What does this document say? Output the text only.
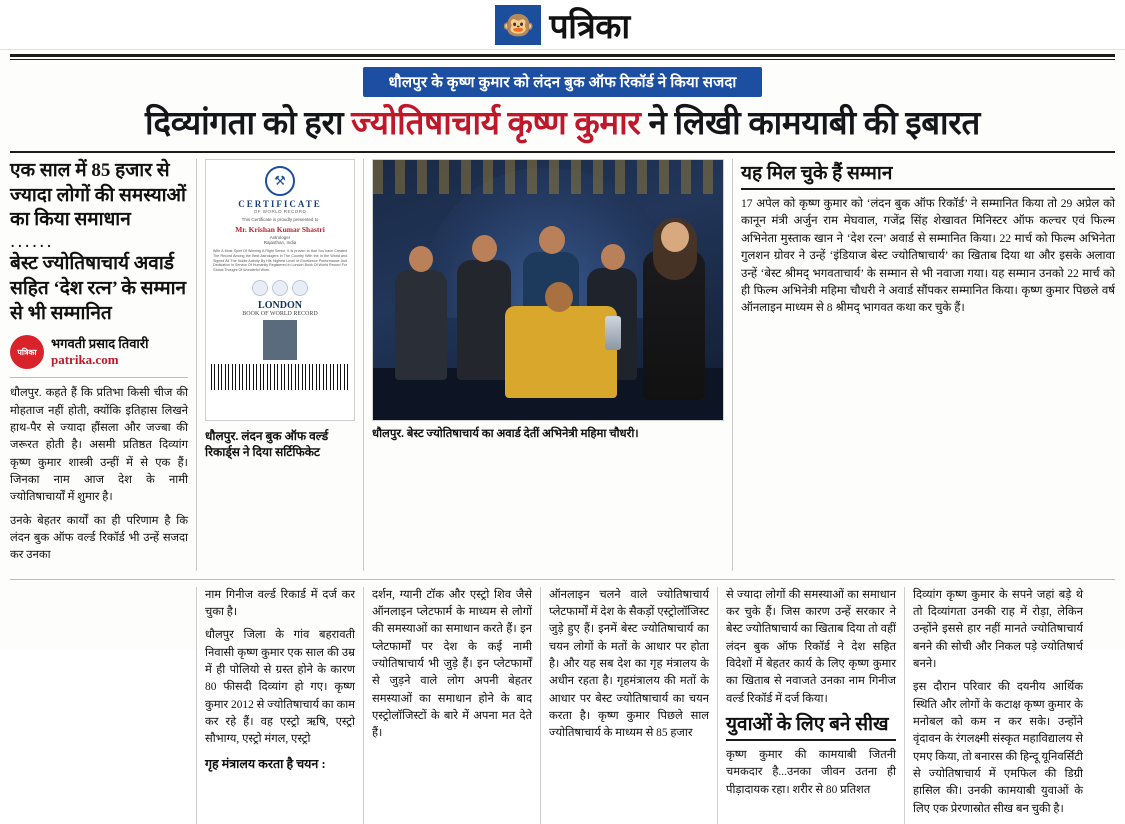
🐵 पत्रिका
धौलपुर के कृष्ण कुमार को लंदन बुक ऑफ रिकॉर्ड ने किया सजदा
दिव्यांगता को हरा ज्योतिषाचार्य कृष्ण कुमार ने लिखी कामयाबी की इबारत
एक साल में 85 हजार से ज्यादा लोगों की समस्याओं का किया समाधान
......
बेस्ट ज्योतिषाचार्य अवार्ड सहित ‘देश रत्न’ के सम्मान से भी सम्मानित
पत्रिका
भगवती प्रसाद तिवारी
patrika.com

धौलपुर. कहते हैं कि प्रतिभा किसी चीज की मोहताज नहीं होती, क्योंकि इतिहास लिखने हाथ-पैर से ज्यादा हौंसला और जज्बा की जरूरत होती है। असमी प्रतिष्ठत दिव्यांग कृष्ण कुमार शास्त्री उन्हीं में से एक हैं। जिनका नाम आज देश के नामी ज्योतिषाचार्यों में शुमार है।

उनके बेहतर कार्यों का ही परिणाम है कि लंदन बुक ऑफ वर्ल्ड रिकॉर्ड भी उन्हें सजदा कर उनका

⚒
CERTIFICATE
OF WORLD RECORD
This Certificate is proudly presented to
Mr. Krishan Kumar Shastri
Astrologer
Rajasthan, India
With A Most Spirit Of Winning A Right Senior, It is proven to that You have Created The Record Among the Best Astrologers in The Country With the In the World and Signed All The Noble Activity By His Highest Level of Excellence Performance And Dedication In Service Of Humanity Registered In London Book Of World Record For Global Thought Of Wonderful Work.
LONDON
BOOK OF WORLD RECORD
धौलपुर. लंदन बुक ऑफ वर्ल्ड रिकार्ड्स ने दिया सर्टिफिकेट
धौलपुर. बेस्ट ज्योतिषाचार्य का अवार्ड देतीं अभिनेत्री महिमा चौधरी।
यह मिल चुके हैं सम्मान
17 अपेल को कृष्ण कुमार को ‘लंदन बुक ऑफ रिकॉर्ड’ ने सम्मानित किया तो 29 अप्रेल को कानून मंत्री अर्जुन राम मेघवाल, गजेंद्र सिंह शेखावत मिनिस्टर ऑफ कल्चर एवं फिल्म अभिनेता मुस्ताक खान ने ‘देश रत्न’ अवार्ड से सम्मानित किया। 22 मार्च को फिल्म अभिनेता गुलशन ग्रोवर ने उन्हें ‘इंडियाज बेस्ट ज्योतिषाचार्य’ का खिताब दिया था और इसके अलावा उन्हें ‘बेस्ट श्रीमद् भगवताचार्य’ के सम्मान से भी नवाजा गया। यह सम्मान उनको 22 मार्च को ही फिल्म अभिनेत्री महिमा चौधरी ने अवार्ड सौंपकर सम्मानित किया। कृष्ण कुमार पिछले वर्ष ऑनलाइन माध्यम से 8 श्रीमद् भागवत कथा कर चुके हैं।

नाम गिनीज वर्ल्ड रिकार्ड में दर्ज कर चुका है।

धौलपुर जिला के गांव बहरावती निवासी कृष्ण कुमार एक साल की उम्र में ही पोलियो से ग्रस्त होने के कारण 80 फीसदी दिव्यांग हो गए। कृष्ण कुमार 2012 से ज्योतिषाचार्य का काम कर रहे हैं। वह एस्ट्रो ऋषि, एस्ट्रो सौभाग्य, एस्ट्रो मंगल, एस्ट्रो

गृह मंत्रालय करता है चयन :

दर्शन, ग्यानी टॉक और एस्ट्रो शिव जैसे ऑनलाइन प्लेटफार्म के माध्यम से लोगों की समस्याओं का समाधान करते हैं। इन प्लेटफार्मों पर देश के कई नामी ज्योतिषाचार्य भी जुड़े हैं। इन प्लेटफार्मों से जुड़ने वाले लोग अपनी बेहतर समस्याओं का समाधान होने के बाद एस्ट्रोलॉजिस्टों के बारे में अपना मत देते हैं।

ऑनलाइन चलने वाले ज्योतिषाचार्य प्लेटफार्मों में देश के सैकड़ों एस्ट्रोलॉजिस्ट जुड़े हुए हैं। इनमें बेस्ट ज्योतिषाचार्य का चयन लोगों के मतों के आधार पर होता है। और यह सब देश का गृह मंत्रालय के अधीन रहता है। गृहमंत्रालय की मतों के आधार पर बेस्ट ज्योतिषाचार्य का चयन करता है। कृष्ण कुमार पिछले साल ज्योतिषाचार्य के माध्यम से 85 हजार

से ज्यादा लोगों की समस्याओं का समाधान कर चुके हैं। जिस कारण उन्हें सरकार ने बेस्ट ज्योतिषाचार्य का खिताब दिया तो वहीं लंदन बुक ऑफ रिकॉर्ड ने देश सहित विदेशों में बेहतर कार्य के लिए कृष्ण कुमार का खिताब से नवाजते उनका नाम गिनीज वर्ल्ड रिकॉर्ड में दर्ज किया।

युवाओं के लिए बने सीख

कृष्ण कुमार की कामयाबी जितनी चमकदार है...उनका जीवन उतना ही पीड़ादायक रहा। शरीर से 80 प्रतिशत

दिव्यांग कृष्ण कुमार के सपने जहां बड़े थे तो दिव्यांगता उनकी राह में रोड़ा, लेकिन उन्होंने इससे हार नहीं मानते ज्योतिषाचार्य बनने की सोची और निकल पड़े ज्योतिषार्च बनने।

इस दौरान परिवार की दयनीय आर्थिक स्थिति और लोगों के कटाक्ष कृष्ण कुमार के मनोबल को कम न कर सके। उन्होंने वृंदावन के रंगलक्ष्मी संस्कृत महाविद्यालय से एमए किया, तो बनारस की हिन्दू यूनिवर्सिटी से ज्योतिषाचार्य में एमफिल की डिग्री हासिल की। उनकी कामयाबी युवाओं के लिए एक प्रेरणास्रोत सीख बन चुकी है।
